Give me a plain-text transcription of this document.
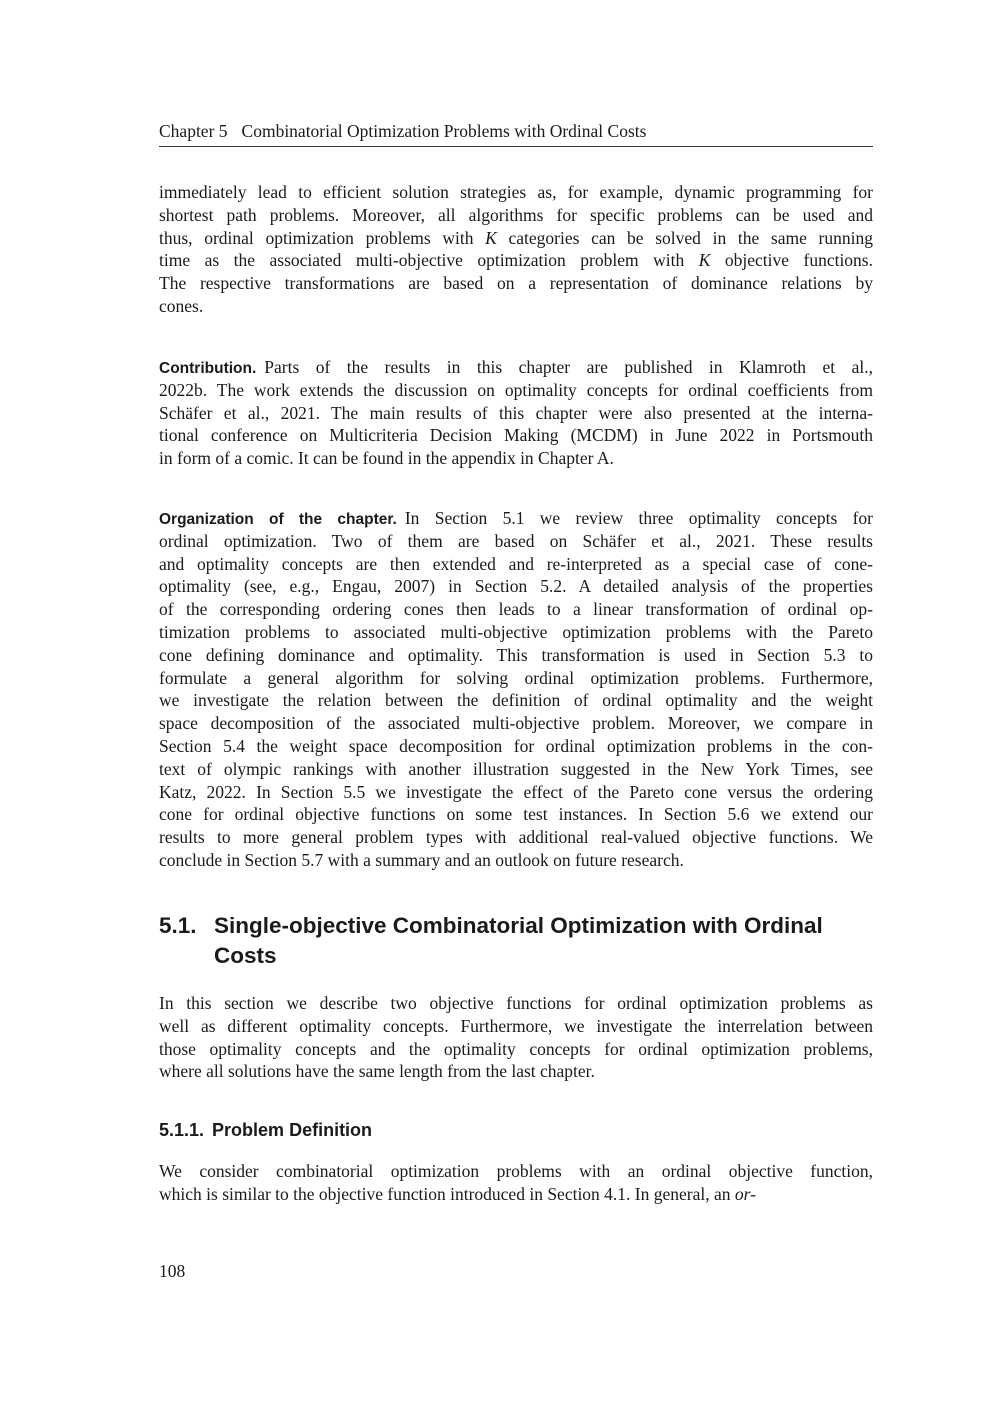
Chapter 5 Combinatorial Optimization Problems with Ordinal Costs
immediately lead to efficient solution strategies as, for example, dynamic programming for
shortest path problems. Moreover, all algorithms for specific problems can be used and
thus, ordinal optimization problems with K categories can be solved in the same running
time as the associated multi-objective optimization problem with K objective functions.
The respective transformations are based on a representation of dominance relations by
cones.
Contribution. Parts of the results in this chapter are published in Klamroth et al.,
2022b. The work extends the discussion on optimality concepts for ordinal coefficients from
Schäfer et al., 2021. The main results of this chapter were also presented at the interna-
tional conference on Multicriteria Decision Making (MCDM) in June 2022 in Portsmouth
in form of a comic. It can be found in the appendix in Chapter A.
Organization of the chapter. In Section 5.1 we review three optimality concepts for
ordinal optimization. Two of them are based on Schäfer et al., 2021. These results
and optimality concepts are then extended and re-interpreted as a special case of cone-
optimality (see, e.g., Engau, 2007) in Section 5.2. A detailed analysis of the properties
of the corresponding ordering cones then leads to a linear transformation of ordinal op-
timization problems to associated multi-objective optimization problems with the Pareto
cone defining dominance and optimality. This transformation is used in Section 5.3 to
formulate a general algorithm for solving ordinal optimization problems. Furthermore,
we investigate the relation between the definition of ordinal optimality and the weight
space decomposition of the associated multi-objective problem. Moreover, we compare in
Section 5.4 the weight space decomposition for ordinal optimization problems in the con-
text of olympic rankings with another illustration suggested in the New York Times, see
Katz, 2022. In Section 5.5 we investigate the effect of the Pareto cone versus the ordering
cone for ordinal objective functions on some test instances. In Section 5.6 we extend our
results to more general problem types with additional real-valued objective functions. We
conclude in Section 5.7 with a summary and an outlook on future research.
5.1. Single-objective Combinatorial Optimization with Ordinal
Costs
In this section we describe two objective functions for ordinal optimization problems as
well as different optimality concepts. Furthermore, we investigate the interrelation between
those optimality concepts and the optimality concepts for ordinal optimization problems,
where all solutions have the same length from the last chapter.
5.1.1. Problem Definition
We consider combinatorial optimization problems with an ordinal objective function,
which is similar to the objective function introduced in Section 4.1. In general, an or-
108
